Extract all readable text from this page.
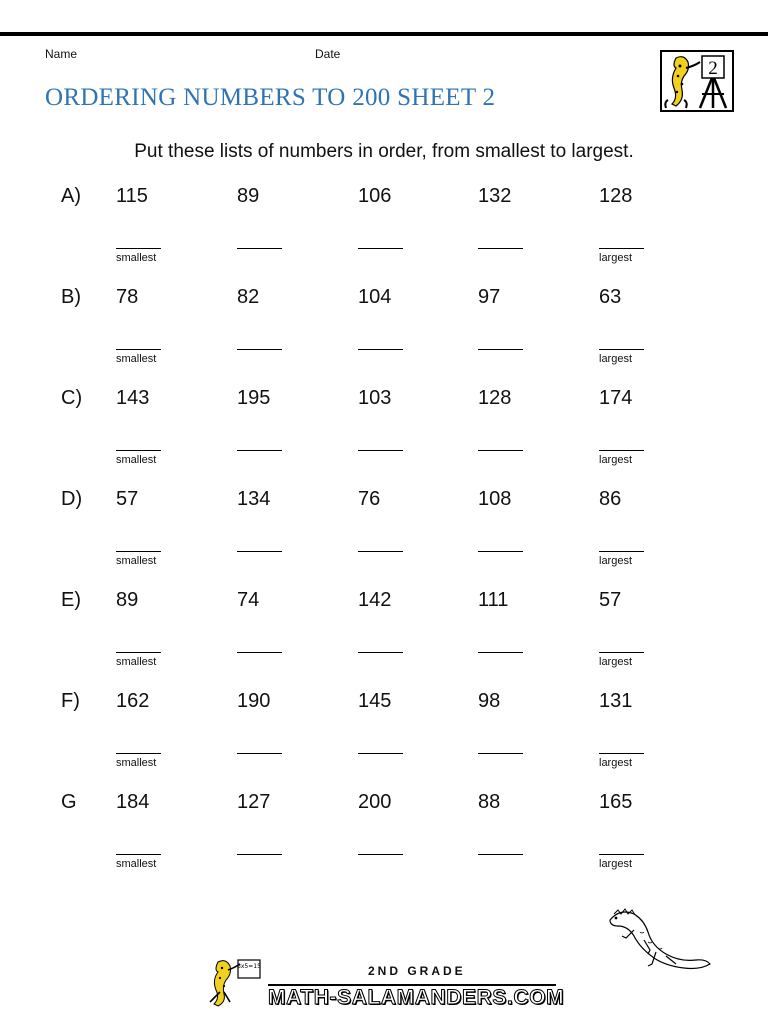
Name	Date
ORDERING NUMBERS TO 200 SHEET 2
2
Put these lists of numbers in order, from smallest to largest.
A) 115	89	106	132	128
smallest	largest
B) 78	82	104	97	63
smallest	largest
C) 143	195	103	128	174
smallest	largest
D) 57	134	76	108	86
smallest	largest
E) 89	74	142	111	57
smallest	largest
F) 162	190	145	98	131
smallest	largest
G 184	127	200	88	165
smallest	largest
3x5=15	2ND GRADE
MATH-SALAMANDERS.COM
